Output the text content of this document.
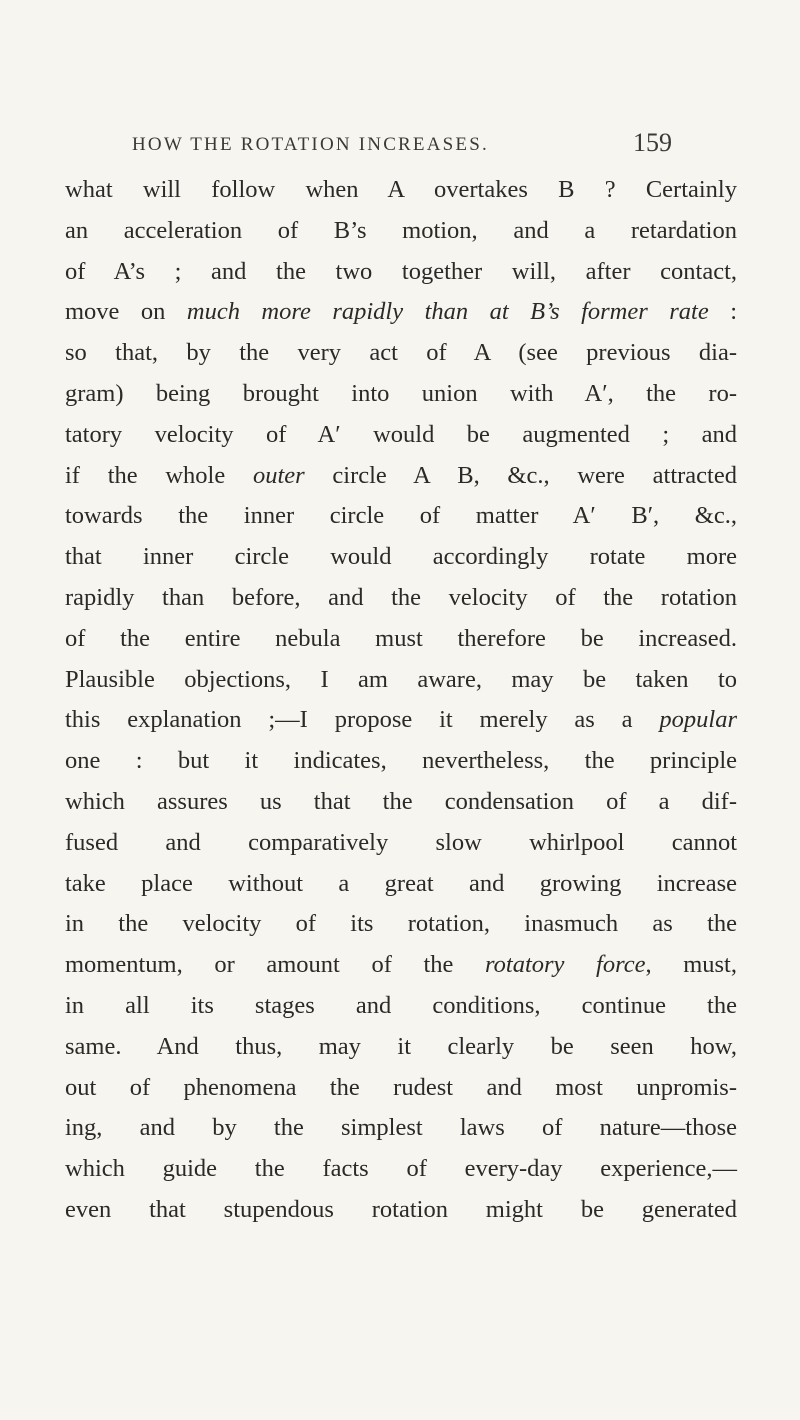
HOW THE ROTATION INCREASES.	159
what will follow when A overtakes B ? Certainly
an acceleration of B’s motion, and a retardation
of A’s ; and the two together will, after contact,
move on much more rapidly than at B’s former rate :
so that, by the very act of A (see previous dia-
gram) being brought into union with A′, the ro-
tatory velocity of A′ would be augmented ; and
if the whole outer circle A B, &c., were attracted
towards the inner circle of matter A′ B′, &c.,
that inner circle would accordingly rotate more
rapidly than before, and the velocity of the rotation
of the entire nebula must therefore be increased.
Plausible objections, I am aware, may be taken to
this explanation ;—I propose it merely as a popular
one : but it indicates, nevertheless, the principle
which assures us that the condensation of a dif-
fused and comparatively slow whirlpool cannot
take place without a great and growing increase
in the velocity of its rotation, inasmuch as the
momentum, or amount of the rotatory force, must,
in all its stages and conditions, continue the
same. And thus, may it clearly be seen how,
out of phenomena the rudest and most unpromis-
ing, and by the simplest laws of nature—those
which guide the facts of every-day experience,—
even that stupendous rotation might be generated
